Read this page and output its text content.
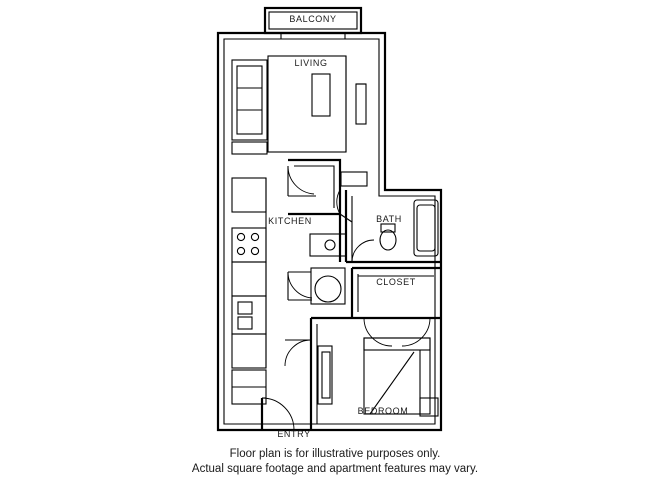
BALCONY
LIVING
KITCHEN	BATH
CLOSET
BEDROOM
ENTRY
Floor plan is for illustrative purposes only.
Actual square footage and apartment features may vary.
